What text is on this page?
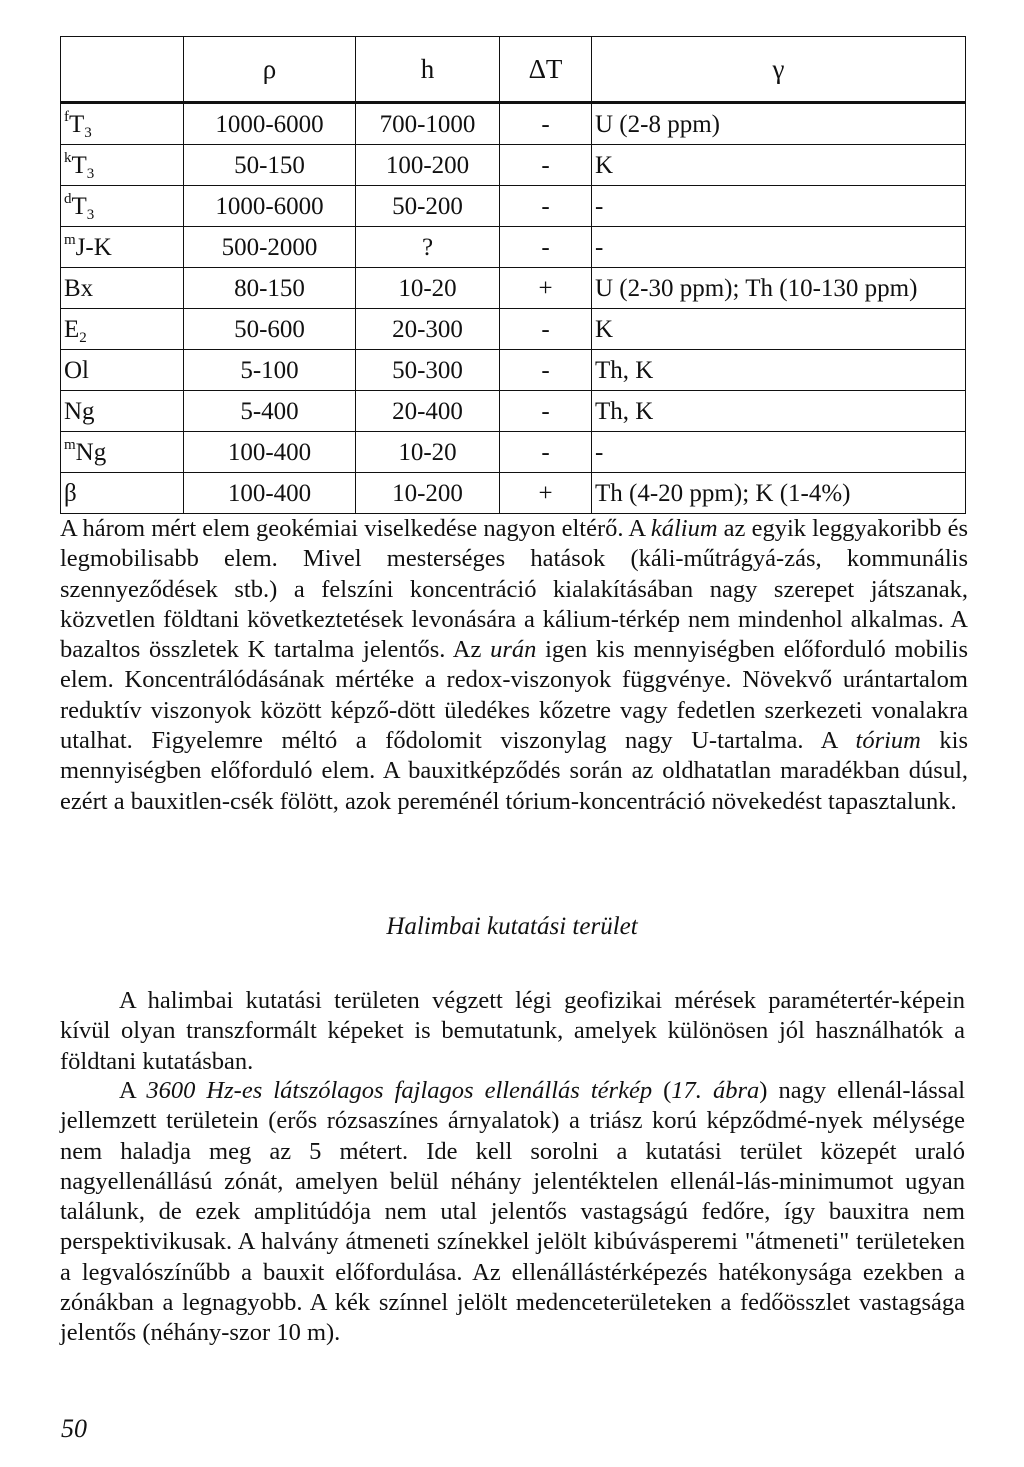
	ρ	h	ΔT	γ
$^fT_3$	1000-6000	700-1000	-	U (2-8 ppm)
$^kT_3$	50-150	100-200	-	K
$^dT_3$	1000-6000	50-200	-	-
$^m$J-K	500-2000	?	-	-
Bx	80-150	10-20	+	U (2-30 ppm); Th (10-130 ppm)
$E_2$	50-600	20-300	-	K
Ol	5-100	50-300	-	Th, K
Ng	5-400	20-400	-	Th, K
$^m$Ng	100-400	10-20	-	-
β	100-400	10-200	+	Th (4-20 ppm); K (1-4%)

A három mért elem geokémiai viselkedése nagyon eltérő. A kálium az egyik leggyakoribb és legmobilisabb elem. Mivel mesterséges hatások (káli-műtrágyá-zás, kommunális szennyeződések stb.) a felszíni koncentráció kialakításában nagy szerepet játszanak, közvetlen földtani következtetések levonására a kálium-térkép nem mindenhol alkalmas. A bazaltos összletek K tartalma jelentős. Az urán igen kis mennyiségben előforduló mobilis elem. Koncentrálódásának mértéke a redox-viszonyok függvénye. Növekvő urántartalom reduktív viszonyok között képző-dött üledékes kőzetre vagy fedetlen szerkezeti vonalakra utalhat. Figyelemre méltó a fődolomit viszonylag nagy U-tartalma. A tórium kis mennyiségben előforduló elem. A bauxitképződés során az oldhatatlan maradékban dúsul, ezért a bauxitlen-csék fölött, azok pereménél tórium-koncentráció növekedést tapasztalunk.

Halimbai kutatási terület

A halimbai kutatási területen végzett légi geofizikai mérések paramétertér-képein kívül olyan transzformált képeket is bemutatunk, amelyek különösen jól használhatók a földtani kutatásban.

A 3600 Hz-es látszólagos fajlagos ellenállás térkép (17. ábra) nagy ellenál-lással jellemzett területein (erős rózsaszínes árnyalatok) a triász korú képződmé-nyek mélysége nem haladja meg az 5 métert. Ide kell sorolni a kutatási terület közepét uraló nagyellenállású zónát, amelyen belül néhány jelentéktelen ellenál-lás-minimumot ugyan találunk, de ezek amplitúdója nem utal jelentős vastagságú fedőre, így bauxitra nem perspektivikusak. A halvány átmeneti színekkel jelölt kibúvásperemi "átmeneti" területeken a legvalószínűbb a bauxit előfordulása. Az ellenállástérképezés hatékonysága ezekben a zónákban a legnagyobb. A kék színnel jelölt medenceterületeken a fedőösszlet vastagsága jelentős (néhány-szor 10 m).

50
